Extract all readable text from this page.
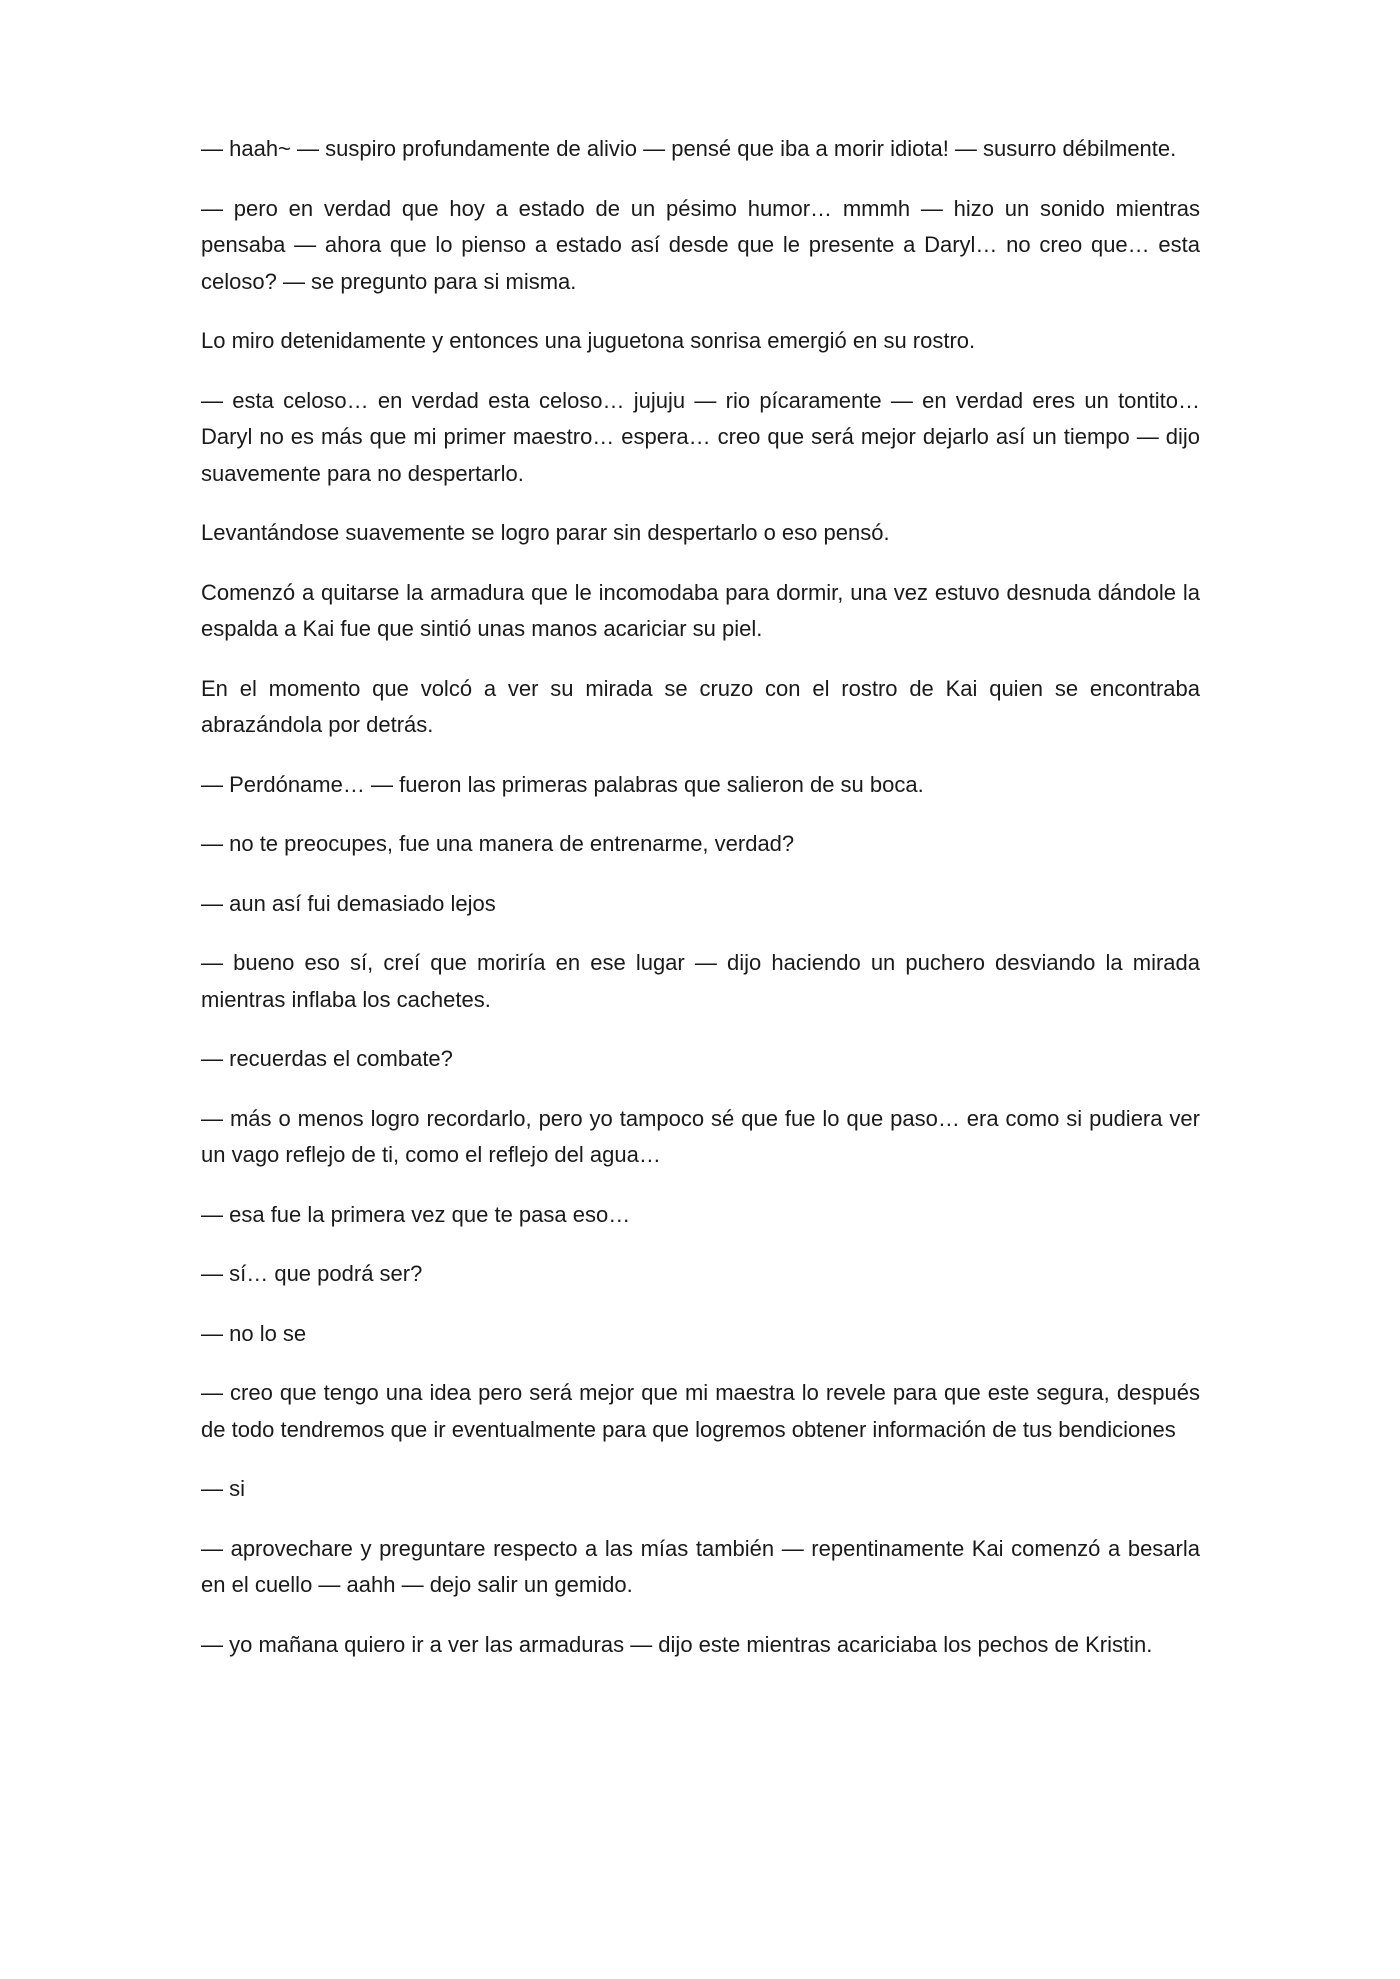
— haah~ — suspiro profundamente de alivio — pensé que iba a morir idiota! — susurro débilmente.

— pero en verdad que hoy a estado de un pésimo humor… mmmh — hizo un sonido mientras pensaba — ahora que lo pienso a estado así desde que le presente a Daryl… no creo que… esta celoso? — se pregunto para si misma.

Lo miro detenidamente y entonces una juguetona sonrisa emergió en su rostro.

— esta celoso… en verdad esta celoso… jujuju — rio pícaramente — en verdad eres un tontito… Daryl no es más que mi primer maestro… espera… creo que será mejor dejarlo así un tiempo — dijo suavemente para no despertarlo.

Levantándose suavemente se logro parar sin despertarlo o eso pensó.

Comenzó a quitarse la armadura que le incomodaba para dormir, una vez estuvo desnuda dándole la espalda a Kai fue que sintió unas manos acariciar su piel.

En el momento que volcó a ver su mirada se cruzo con el rostro de Kai quien se encontraba abrazándola por detrás.

— Perdóname… — fueron las primeras palabras que salieron de su boca.

— no te preocupes, fue una manera de entrenarme, verdad?

— aun así fui demasiado lejos

— bueno eso sí, creí que moriría en ese lugar — dijo haciendo un puchero desviando la mirada mientras inflaba los cachetes.

— recuerdas el combate?

— más o menos logro recordarlo, pero yo tampoco sé que fue lo que paso… era como si pudiera ver un vago reflejo de ti, como el reflejo del agua…

— esa fue la primera vez que te pasa eso…

— sí… que podrá ser?

— no lo se

— creo que tengo una idea pero será mejor que mi maestra lo revele para que este segura, después de todo tendremos que ir eventualmente para que logremos obtener información de tus bendiciones

— si

— aprovechare y preguntare respecto a las mías también — repentinamente Kai comenzó a besarla en el cuello — aahh — dejo salir un gemido.

— yo mañana quiero ir a ver las armaduras — dijo este mientras acariciaba los pechos de Kristin.
